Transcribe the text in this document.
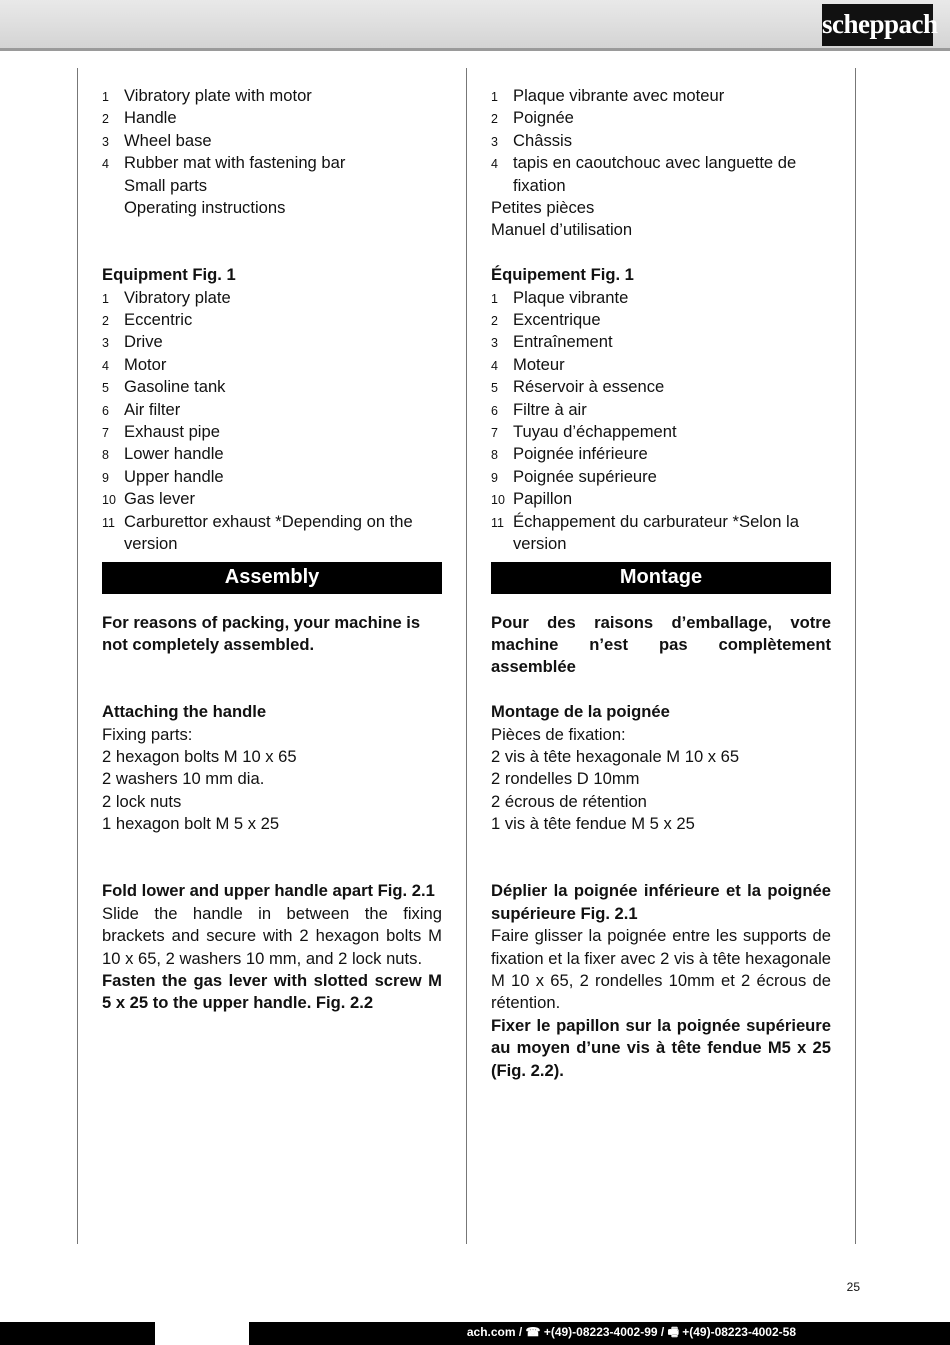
scheppach
1 Vibratory plate with motor
2 Handle
3 Wheel base
4 Rubber mat with fastening bar
Small parts
Operating instructions
Equipment Fig. 1
1 Vibratory plate
2 Eccentric
3 Drive
4 Motor
5 Gasoline tank
6 Air filter
7 Exhaust pipe
8 Lower handle
9 Upper handle
10 Gas lever
11 Carburettor exhaust *Depending on the version
Assembly
For reasons of packing, your machine is not completely assembled.
Attaching the handle
Fixing parts:
2 hexagon bolts M 10 x 65
2 washers 10 mm dia.
2 lock nuts
1 hexagon bolt M 5 x 25
Fold lower and upper handle apart Fig. 2.1
Slide the handle in between the fixing brackets and secure with 2 hexagon bolts M 10 x 65, 2 washers 10 mm, and 2 lock nuts.
Fasten the gas lever with slotted screw M 5 x 25 to the upper handle. Fig. 2.2
1 Plaque vibrante avec moteur
2 Poignée
3 Châssis
4 tapis en caoutchouc avec languette de fixation
Petites pièces
Manuel d’utilisation
Équipement Fig. 1
1 Plaque vibrante
2 Excentrique
3 Entraînement
4 Moteur
5 Réservoir à essence
6 Filtre à air
7 Tuyau d’échappement
8 Poignée inférieure
9 Poignée supérieure
10 Papillon
11 Échappement du carburateur *Selon la version
Montage
Pour des raisons d’emballage, votre machine n’est pas complètement assemblée
Montage de la poignée
Pièces de fixation:
2 vis à tête hexagonale M 10 x 65
2 rondelles D 10mm
2 écrous de rétention
1 vis à tête fendue M 5 x 25
Déplier la poignée inférieure et la poignée supérieure Fig. 2.1
Faire glisser la poignée entre les supports de fixation et la fixer avec 2 vis à tête hexagonale M 10 x 65, 2 rondelles 10mm et 2 écrous de rétention.
Fixer le papillon sur la poignée supérieure au moyen d’une vis à tête fendue M5 x 25 (Fig. 2.2).
25
ach.com / ☎ +(49)-08223-4002-99 / 🖷 +(49)-08223-4002-58
